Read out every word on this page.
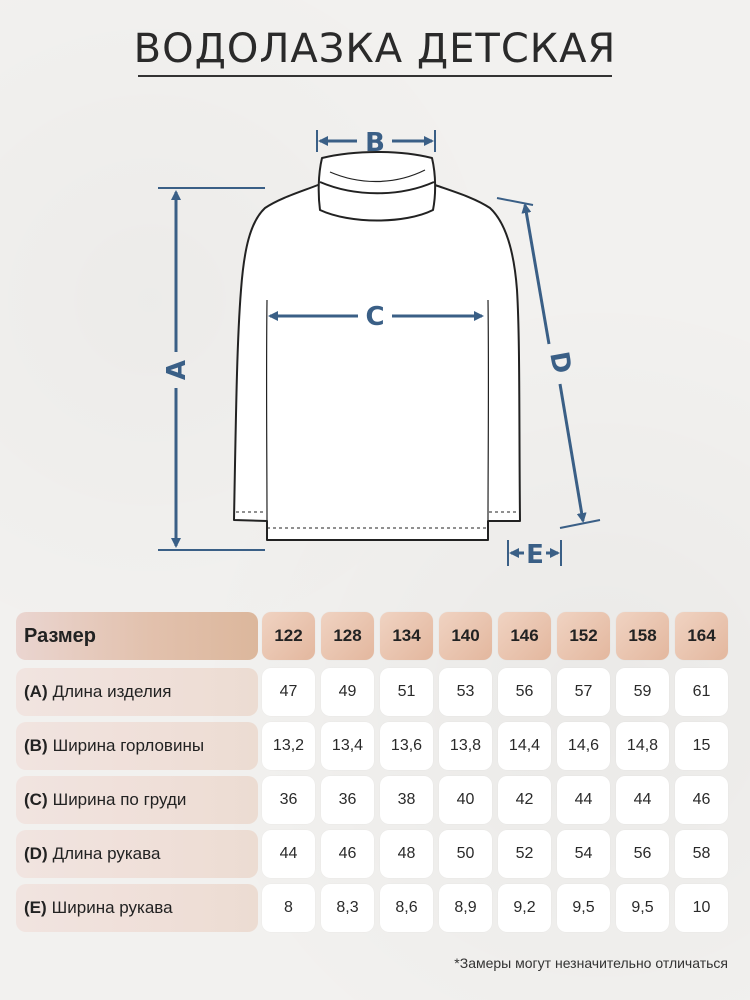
ВОДОЛАЗКА ДЕТСКАЯ
B
C
A	D
E
Размер	122	128	134	140	146	152	158	164
(A) Длина изделия	47	49	51	53	56	57	59	61
(B) Ширина горловины	13,2	13,4	13,6	13,8	14,4	14,6	14,8	15
(C) Ширина по груди	36	36	38	40	42	44	44	46
(D) Длина рукава	44	46	48	50	52	54	56	58
(E) Ширина рукава	8	8,3	8,6	8,9	9,2	9,5	9,5	10

*Замеры могут незначительно отличаться
